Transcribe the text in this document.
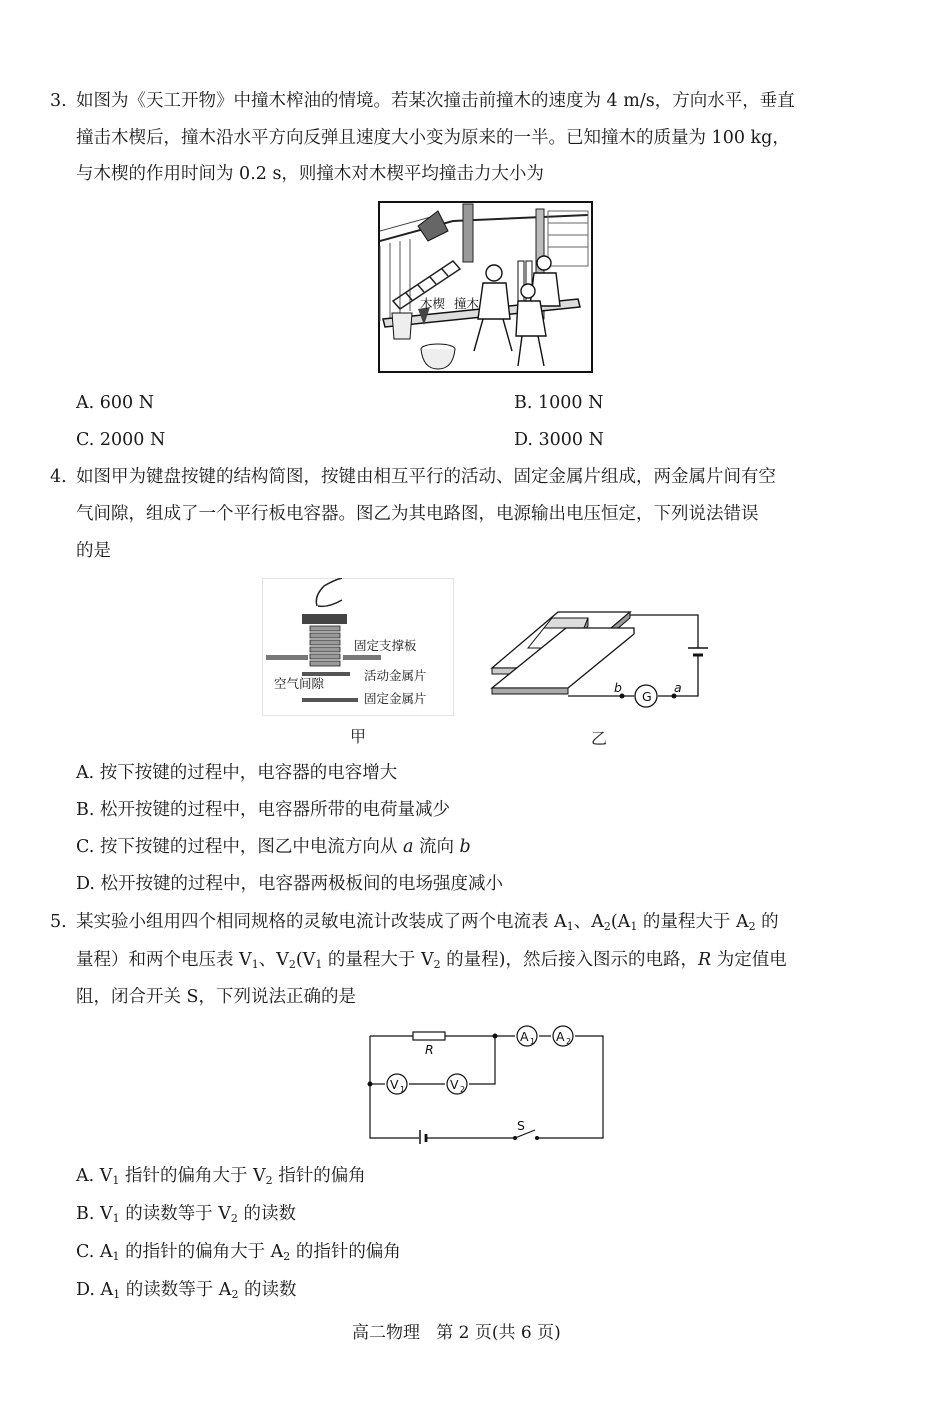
3. 如图为《天工开物》中撞木榨油的情境。若某次撞击前撞木的速度为 4 m/s，方向水平，垂直
撞击木楔后，撞木沿水平方向反弹且速度大小变为原来的一半。已知撞木的质量为 100 kg，
与木楔的作用时间为 0.2 s，则撞木对木楔平均撞击力大小为
木楔 撞木
A. 600 N	B. 1000 N
C. 2000 N	D. 3000 N
4. 如图甲为键盘按键的结构简图，按键由相互平行的活动、固定金属片组成，两金属片间有空
气间隙，组成了一个平行板电容器。图乙为其电路图，电源输出电压恒定，下列说法错误
的是
固定支撑板
空气间隙
活动金属片
固定金属片
甲
G
b	a
乙
A. 按下按键的过程中，电容器的电容增大
B. 松开按键的过程中，电容器所带的电荷量减少
C. 按下按键的过程中，图乙中电流方向从 a 流向 b
D. 松开按键的过程中，电容器两极板间的电场强度减小
5. 某实验小组用四个相同规格的灵敏电流计改装成了两个电流表 $A_1$、$A_2(A_1$ 的量程大于 $A_2$ 的
量程）和两个电压表 $V_1$、$V_2(V_1$ 的量程大于 $V_2$ 的量程)，然后接入图示的电路，R 为定值电
阻，闭合开关 S，下列说法正确的是
A 1 A 2
V 1	V 2
R
S
A. $V_1$ 指针的偏角大于 $V_2$ 指针的偏角
B. $V_1$ 的读数等于 $V_2$ 的读数
C. $A_1$ 的指针的偏角大于 $A_2$ 的指针的偏角
D. $A_1$ 的读数等于 $A_2$ 的读数
高二物理 第 2 页(共 6 页)
